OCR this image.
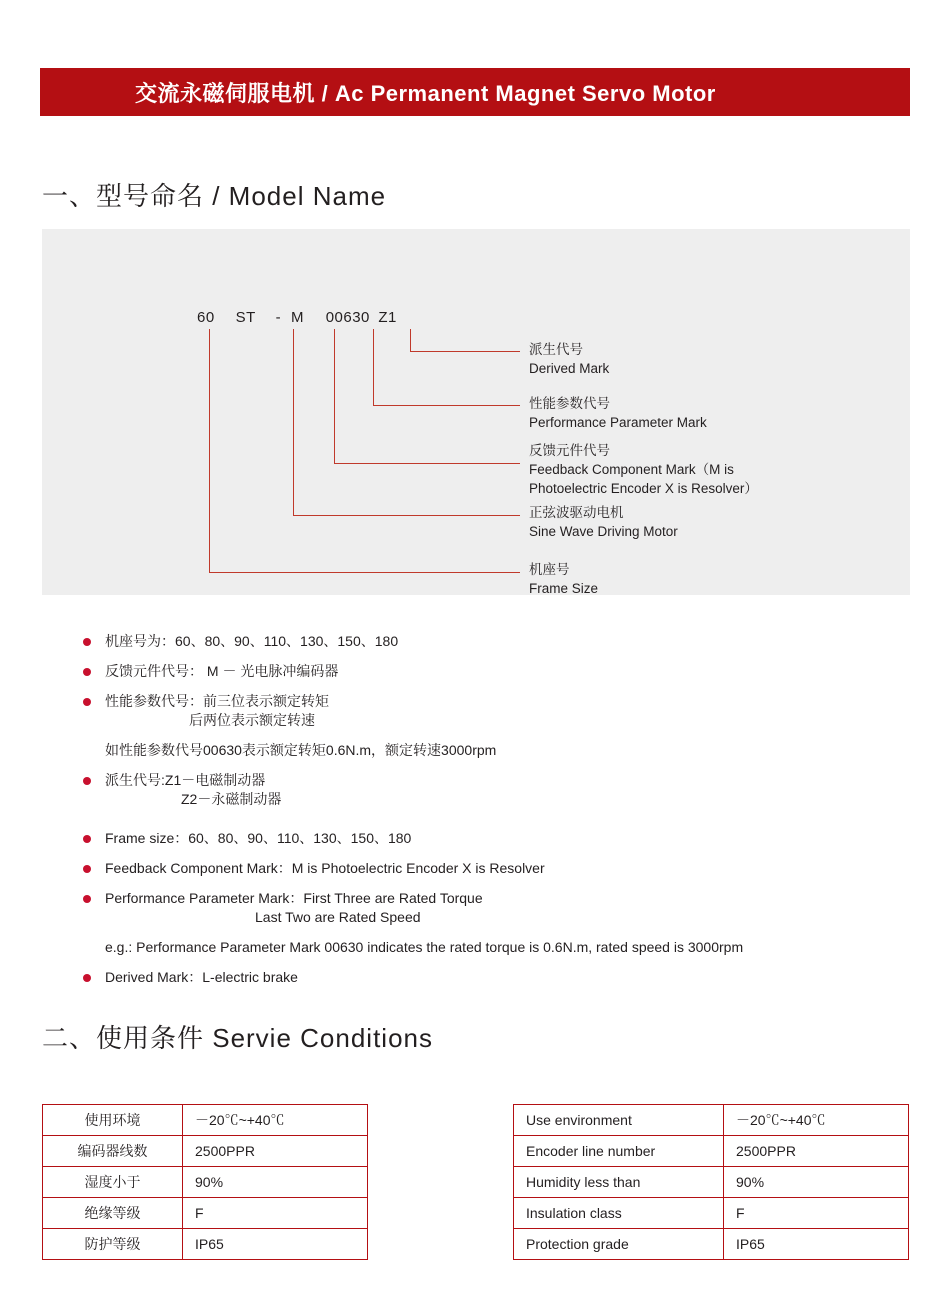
交流永磁伺服电机 / Ac Permanent Magnet Servo Motor
一、型号命名 / Model Name
60 ST - M 00630 Z1
派生代号
Derived Mark
性能参数代号
Performance Parameter Mark
反馈元件代号
Feedback Component Mark（M is
Photoelectric Encoder X is Resolver）
正弦波驱动电机
Sine Wave Driving Motor
机座号
Frame Size
机座号为：60、80、90、110、130、150、180
反馈元件代号： M － 光电脉冲编码器
性能参数代号：前三位表示额定转矩
后两位表示额定转速
如性能参数代号00630表示额定转矩0.6N.m，额定转速3000rpm
派生代号:Z1－电磁制动器
Z2－永磁制动器
Frame size：60、80、90、110、130、150、180
Feedback Component Mark：M is Photoelectric Encoder X is Resolver
Performance Parameter Mark：First Three are Rated Torque
Last Two are Rated Speed
e.g.: Performance Parameter Mark 00630 indicates the rated torque is 0.6N.m, rated speed is 3000rpm
Derived Mark：L-electric brake
二、使用条件 Servie Conditions
使用环境	－20℃~+40℃
编码器线数	2500PPR
湿度小于	90%
绝缘等级	F
防护等级	IP65
Use environment	－20℃~+40℃
Encoder line number	2500PPR
Humidity less than	90%
Insulation class	F
Protection grade	IP65
